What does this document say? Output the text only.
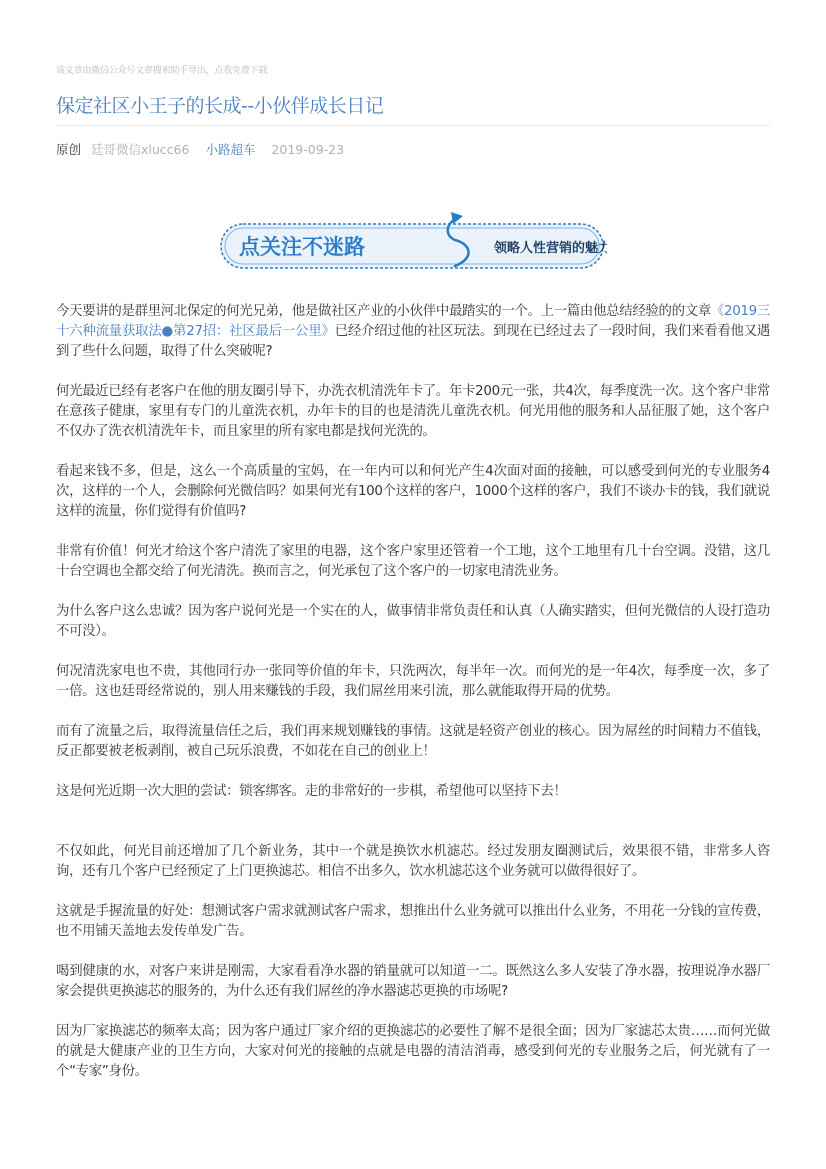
该文章由微信公众号文章搜索助手导出，点我免费下载
保定社区小王子的长成--小伙伴成长日记
原创 廷哥微信xlucc66 小路超车 2019-09-23
点关注不迷路	领略人性营销的魅力

今天要讲的是群里河北保定的何光兄弟，他是做社区产业的小伙伴中最踏实的一个。上一篇由他总结经验的的文章《2019三十六种流量获取法●第27招：社区最后一公里》已经介绍过他的社区玩法。到现在已经过去了一段时间，我们来看看他又遇到了些什么问题，取得了什么突破呢?

何光最近已经有老客户在他的朋友圈引导下，办洗衣机清洗年卡了。年卡200元一张，共4次，每季度洗一次。这个客户非常在意孩子健康，家里有专门的儿童洗衣机，办年卡的目的也是清洗儿童洗衣机。何光用他的服务和人品征服了她，这个客户不仅办了洗衣机清洗年卡，而且家里的所有家电都是找何光洗的。

看起来钱不多，但是，这么一个高质量的宝妈，在一年内可以和何光产生4次面对面的接触，可以感受到何光的专业服务4次，这样的一个人，会删除何光微信吗？如果何光有100个这样的客户，1000个这样的客户，我们不谈办卡的钱，我们就说这样的流量，你们觉得有价值吗?

非常有价值！何光才给这个客户清洗了家里的电器，这个客户家里还管着一个工地，这个工地里有几十台空调。没错，这几十台空调也全都交给了何光清洗。换而言之，何光承包了这个客户的一切家电清洗业务。

为什么客户这么忠诚？因为客户说何光是一个实在的人，做事情非常负责任和认真（人确实踏实，但何光微信的人设打造功不可没）。

何况清洗家电也不贵，其他同行办一张同等价值的年卡，只洗两次，每半年一次。而何光的是一年4次，每季度一次，多了一倍。这也廷哥经常说的，别人用来赚钱的手段，我们屌丝用来引流，那么就能取得开局的优势。

而有了流量之后，取得流量信任之后，我们再来规划赚钱的事情。这就是轻资产创业的核心。因为屌丝的时间精力不值钱，反正都要被老板剥削，被自己玩乐浪费，不如花在自己的创业上！

这是何光近期一次大胆的尝试：锁客绑客。走的非常好的一步棋，希望他可以坚持下去！

不仅如此，何光目前还增加了几个新业务，其中一个就是换饮水机滤芯。经过发朋友圈测试后，效果很不错，非常多人咨询，还有几个客户已经预定了上门更换滤芯。相信不出多久，饮水机滤芯这个业务就可以做得很好了。

这就是手握流量的好处：想测试客户需求就测试客户需求，想推出什么业务就可以推出什么业务，不用花一分钱的宣传费，也不用铺天盖地去发传单发广告。

喝到健康的水，对客户来讲是刚需，大家看看净水器的销量就可以知道一二。既然这么多人安装了净水器，按理说净水器厂家会提供更换滤芯的服务的，为什么还有我们屌丝的净水器滤芯更换的市场呢?

因为厂家换滤芯的频率太高；因为客户通过厂家介绍的更换滤芯的必要性了解不是很全面；因为厂家滤芯太贵……而何光做的就是大健康产业的卫生方向，大家对何光的接触的点就是电器的清洁消毒，感受到何光的专业服务之后，何光就有了一个“专家”身份。
